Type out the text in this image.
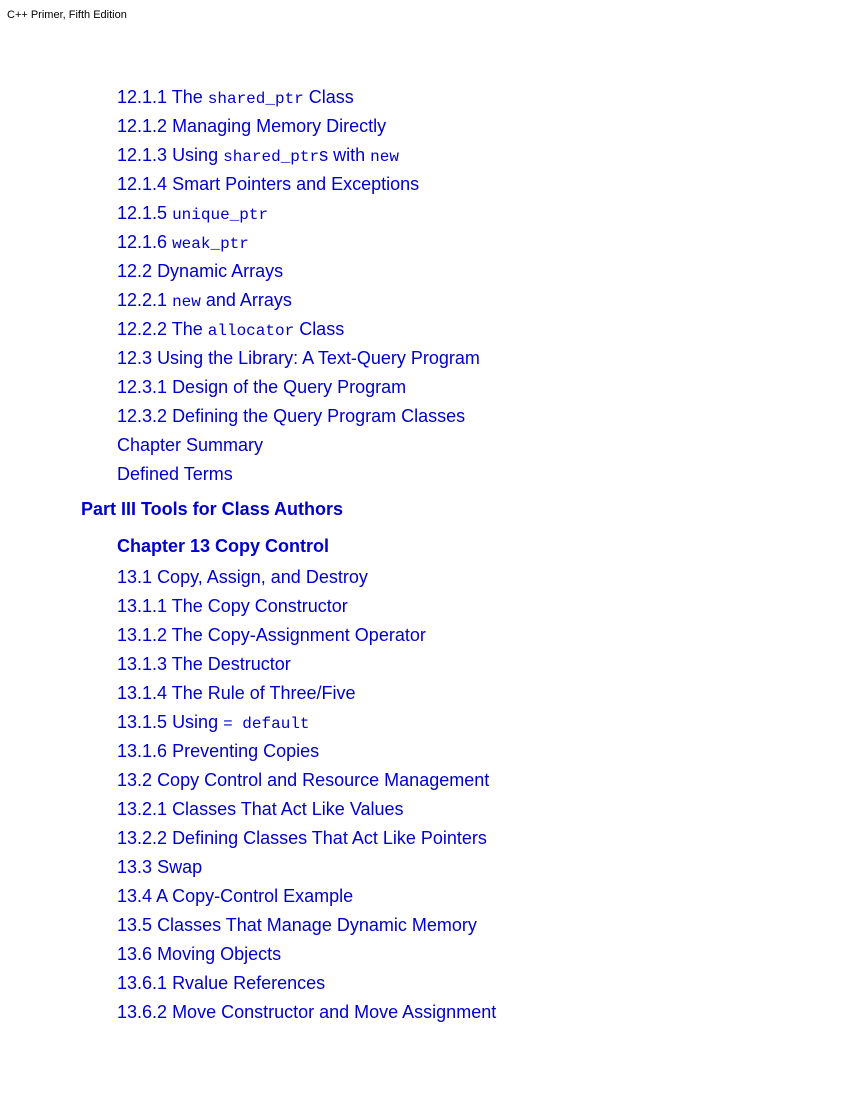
C++ Primer, Fifth Edition
12.1.1 The shared_ptr Class
12.1.2 Managing Memory Directly
12.1.3 Using shared_ptrs with new
12.1.4 Smart Pointers and Exceptions
12.1.5 unique_ptr
12.1.6 weak_ptr
12.2 Dynamic Arrays
12.2.1 new and Arrays
12.2.2 The allocator Class
12.3 Using the Library: A Text-Query Program
12.3.1 Design of the Query Program
12.3.2 Defining the Query Program Classes
Chapter Summary
Defined Terms
Part III Tools for Class Authors
Chapter 13 Copy Control
13.1 Copy, Assign, and Destroy
13.1.1 The Copy Constructor
13.1.2 The Copy-Assignment Operator
13.1.3 The Destructor
13.1.4 The Rule of Three/Five
13.1.5 Using = default
13.1.6 Preventing Copies
13.2 Copy Control and Resource Management
13.2.1 Classes That Act Like Values
13.2.2 Defining Classes That Act Like Pointers
13.3 Swap
13.4 A Copy-Control Example
13.5 Classes That Manage Dynamic Memory
13.6 Moving Objects
13.6.1 Rvalue References
13.6.2 Move Constructor and Move Assignment
